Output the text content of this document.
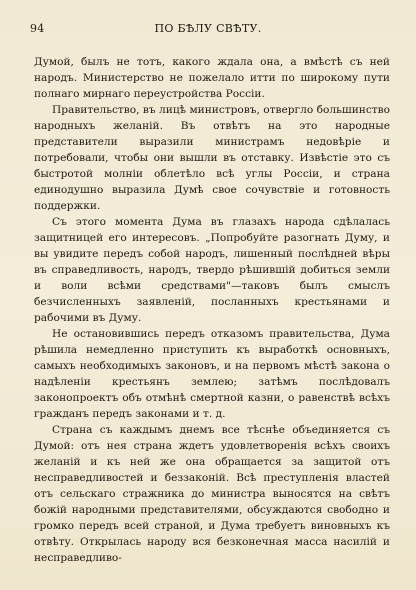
94	ПО БѢЛУ СВѢТУ.

Думой, былъ не тотъ, какого ждала она, а вмѣстѣ съ ней народъ. Министерство не пожелало итти по широкому пути полнаго мирнаго переустройства Россіи.

Правительство, въ лицѣ министровъ, отвергло большинство народныхъ желаній. Въ отвѣтъ на это народные представители выразили министрамъ недовѣріе и потребовали, чтобы они вышли въ отставку. Извѣстіе это съ быстротой молніи облетѣло всѣ углы Россіи, и страна единодушно выразила Думѣ свое сочувствіе и готовность поддержки.

Съ этого момента Дума въ глазахъ народа сдѣлалась защитницей его интересовъ. „Попробуйте разогнать Думу, и вы увидите передъ собой народъ, лишенный послѣдней вѣры въ справедливость, народъ, твердо рѣшившій добиться земли и воли всѣми средствами"—таковъ былъ смыслъ безчисленныхъ заявленій, посланныхъ крестьянами и рабочими въ Думу.

Не остановившись передъ отказомъ правительства, Дума рѣшила немедленно приступить къ выработкѣ основныхъ, самыхъ необходимыхъ законовъ, и на первомъ мѣстѣ закона о надѣленіи крестьянъ землею; затѣмъ послѣдовалъ законопроектъ объ отмѣнѣ смертной казни, о равенствѣ всѣхъ гражданъ передъ законами и т. д.

Страна съ каждымъ днемъ все тѣснѣе объединяется съ Думой: отъ нея страна ждетъ удовлетворенія всѣхъ своихъ желаній и къ ней же она обращается за защитой отъ несправедливостей и беззаконій. Всѣ преступленія властей отъ сельскаго стражника до министра выносятся на свѣтъ божій народными представителями, обсуждаются свободно и громко передъ всей страной, и Дума требуетъ виновныхъ къ отвѣту. Открылась народу вся безконечная масса насилій и несправедливо-
